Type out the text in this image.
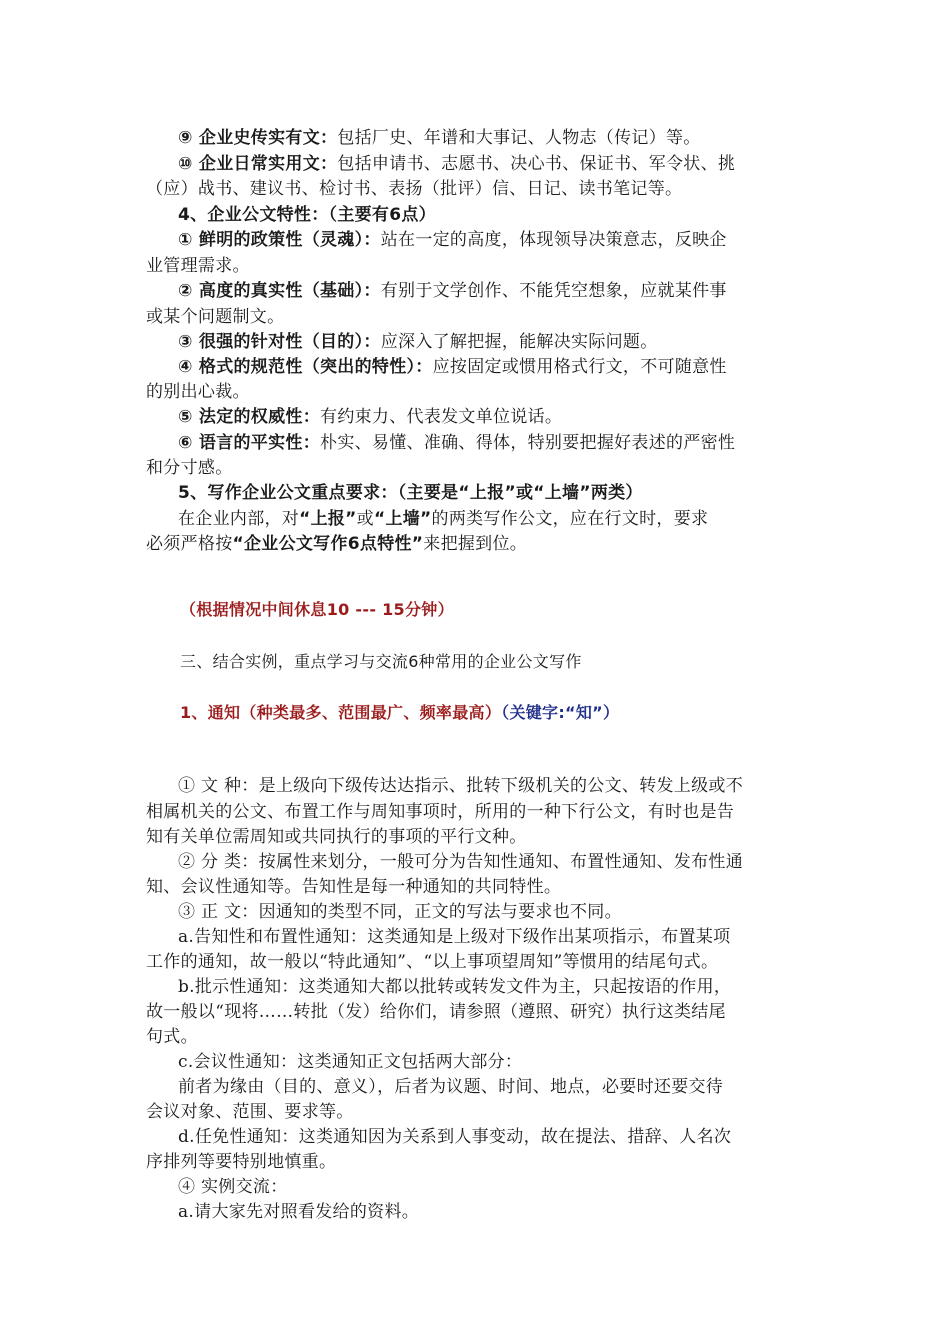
⑨ 企业史传实有文：包括厂史、年谱和大事记、人物志（传记）等。
⑩ 企业日常实用文：包括申请书、志愿书、决心书、保证书、军令状、挑
（应）战书、建议书、检讨书、表扬（批评）信、日记、读书笔记等。
4、企业公文特性：（主要有6点）
① 鲜明的政策性（灵魂）：站在一定的高度，体现领导决策意志，反映企
业管理需求。
② 高度的真实性（基础）：有别于文学创作、不能凭空想象，应就某件事
或某个问题制文。
③ 很强的针对性（目的）：应深入了解把握，能解决实际问题。
④ 格式的规范性（突出的特性）：应按固定或惯用格式行文，不可随意性
的别出心裁。
⑤ 法定的权威性：有约束力、代表发文单位说话。
⑥ 语言的平实性：朴实、易懂、准确、得体，特别要把握好表述的严密性
和分寸感。
5、写作企业公文重点要求：（主要是“上报”或“上墙”两类）
在企业内部，对“上报”或“上墙”的两类写作公文，应在行文时，要求
必须严格按“企业公文写作6点特性”来把握到位。
（根据情况中间休息10 --- 15分钟）
三、结合实例，重点学习与交流6种常用的企业公文写作
1、通知（种类最多、范围最广、频率最高）（关键字:“知”）
① 文 种：是上级向下级传达达指示、批转下级机关的公文、转发上级或不
相属机关的公文、布置工作与周知事项时，所用的一种下行公文，有时也是告
知有关单位需周知或共同执行的事项的平行文种。
② 分 类：按属性来划分，一般可分为告知性通知、布置性通知、发布性通
知、会议性通知等。告知性是每一种通知的共同特性。
③ 正 文：因通知的类型不同，正文的写法与要求也不同。
a.告知性和布置性通知：这类通知是上级对下级作出某项指示，布置某项
工作的通知，故一般以“特此通知”、“以上事项望周知”等惯用的结尾句式。
b.批示性通知：这类通知大都以批转或转发文件为主，只起按语的作用，
故一般以“现将……转批（发）给你们，请参照（遵照、研究）执行这类结尾
句式。
c.会议性通知：这类通知正文包括两大部分：
前者为缘由（目的、意义），后者为议题、时间、地点，必要时还要交待
会议对象、范围、要求等。
d.任免性通知：这类通知因为关系到人事变动，故在提法、措辞、人名次
序排列等要特别地慎重。
④ 实例交流：
a.请大家先对照看发给的资料。
